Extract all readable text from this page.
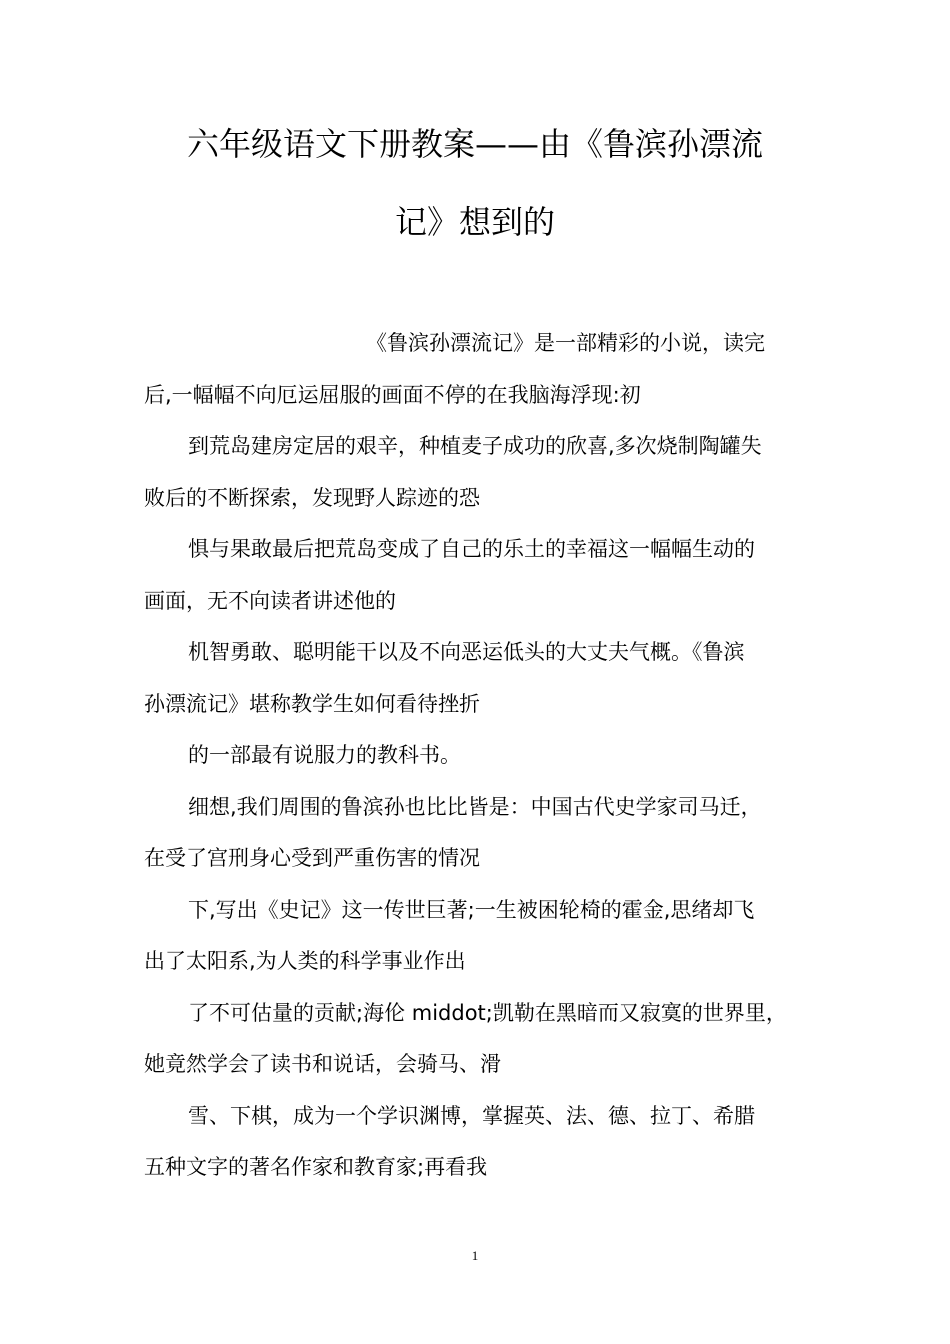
六年级语文下册教案——由《鲁滨孙漂流
记》想到的
《鲁滨孙漂流记》是一部精彩的小说，读完
后,一幅幅不向厄运屈服的画面不停的在我脑海浮现:初
到荒岛建房定居的艰辛，种植麦子成功的欣喜,多次烧制陶罐失
败后的不断探索，发现野人踪迹的恐
惧与果敢最后把荒岛变成了自己的乐土的幸福这一幅幅生动的
画面，无不向读者讲述他的
机智勇敢、聪明能干以及不向恶运低头的大丈夫气概。《鲁滨
孙漂流记》堪称教学生如何看待挫折
的一部最有说服力的教科书。
细想,我们周围的鲁滨孙也比比皆是：中国古代史学家司马迁，
在受了宫刑身心受到严重伤害的情况
下,写出《史记》这一传世巨著;一生被困轮椅的霍金,思绪却飞
出了太阳系,为人类的科学事业作出
了不可估量的贡献;海伦 middot;凯勒在黑暗而又寂寞的世界里，
她竟然学会了读书和说话，会骑马、滑
雪、下棋，成为一个学识渊博，掌握英、法、德、拉丁、希腊
五种文字的著名作家和教育家;再看我
1
